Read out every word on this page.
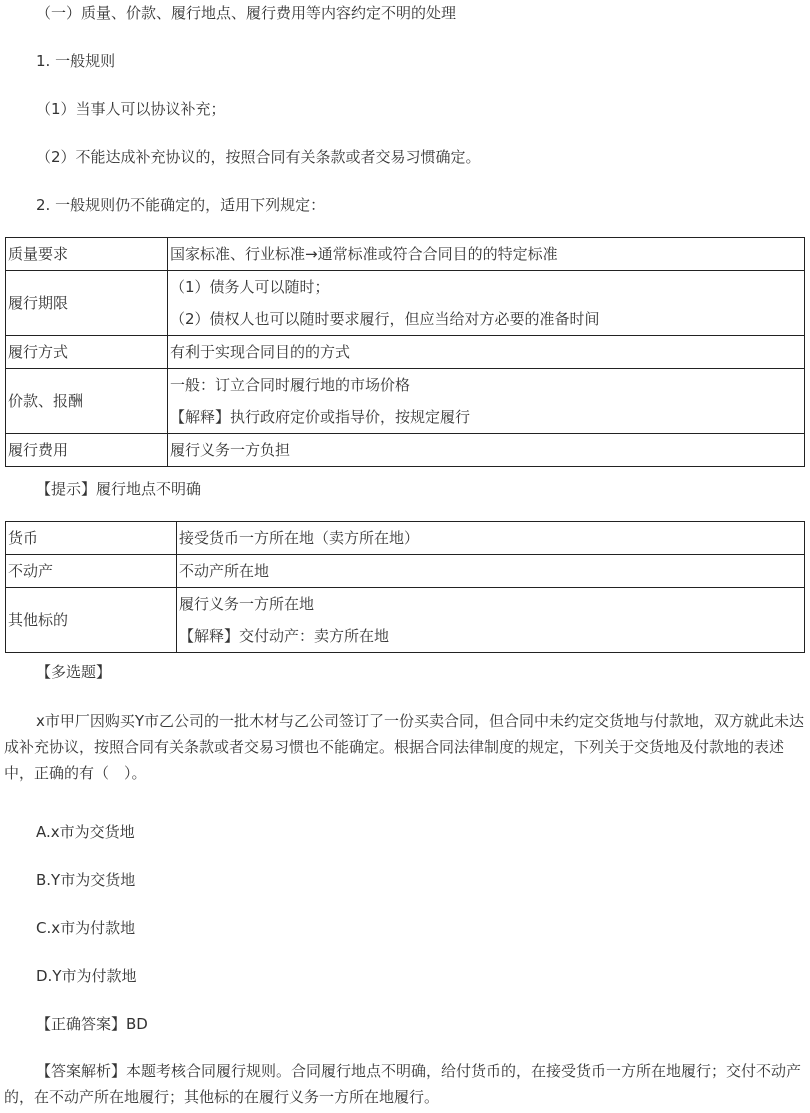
（一）质量、价款、履行地点、履行费用等内容约定不明的处理
1. 一般规则
（1）当事人可以协议补充；
（2）不能达成补充协议的，按照合同有关条款或者交易习惯确定。
2. 一般规则仍不能确定的，适用下列规定：
质量要求	国家标准、行业标准→通常标准或符合合同目的的特定标准
履行期限	（1）债务人可以随时；
（2）债权人也可以随时要求履行，但应当给对方必要的准备时间

履行方式	有利于实现合同目的的方式
价款、报酬	一般：订立合同时履行地的市场价格
【解释】执行政府定价或指导价，按规定履行

履行费用	履行义务一方负担
【提示】履行地点不明确
货币	接受货币一方所在地（卖方所在地）
不动产	不动产所在地
其他标的	履行义务一方所在地
【解释】交付动产：卖方所在地
【多选题】
x市甲厂因购买Y市乙公司的一批木材与乙公司签订了一份买卖合同，但合同中未约定交货地与付款地，双方就此未达成补充协议，按照合同有关条款或者交易习惯也不能确定。根据合同法律制度的规定，下列关于交货地及付款地的表述中，正确的有（　）。
A.x市为交货地
B.Y市为交货地
C.x市为付款地
D.Y市为付款地
【正确答案】BD
【答案解析】本题考核合同履行规则。合同履行地点不明确，给付货币的，在接受货币一方所在地履行；交付不动产的，在不动产所在地履行；其他标的在履行义务一方所在地履行。
